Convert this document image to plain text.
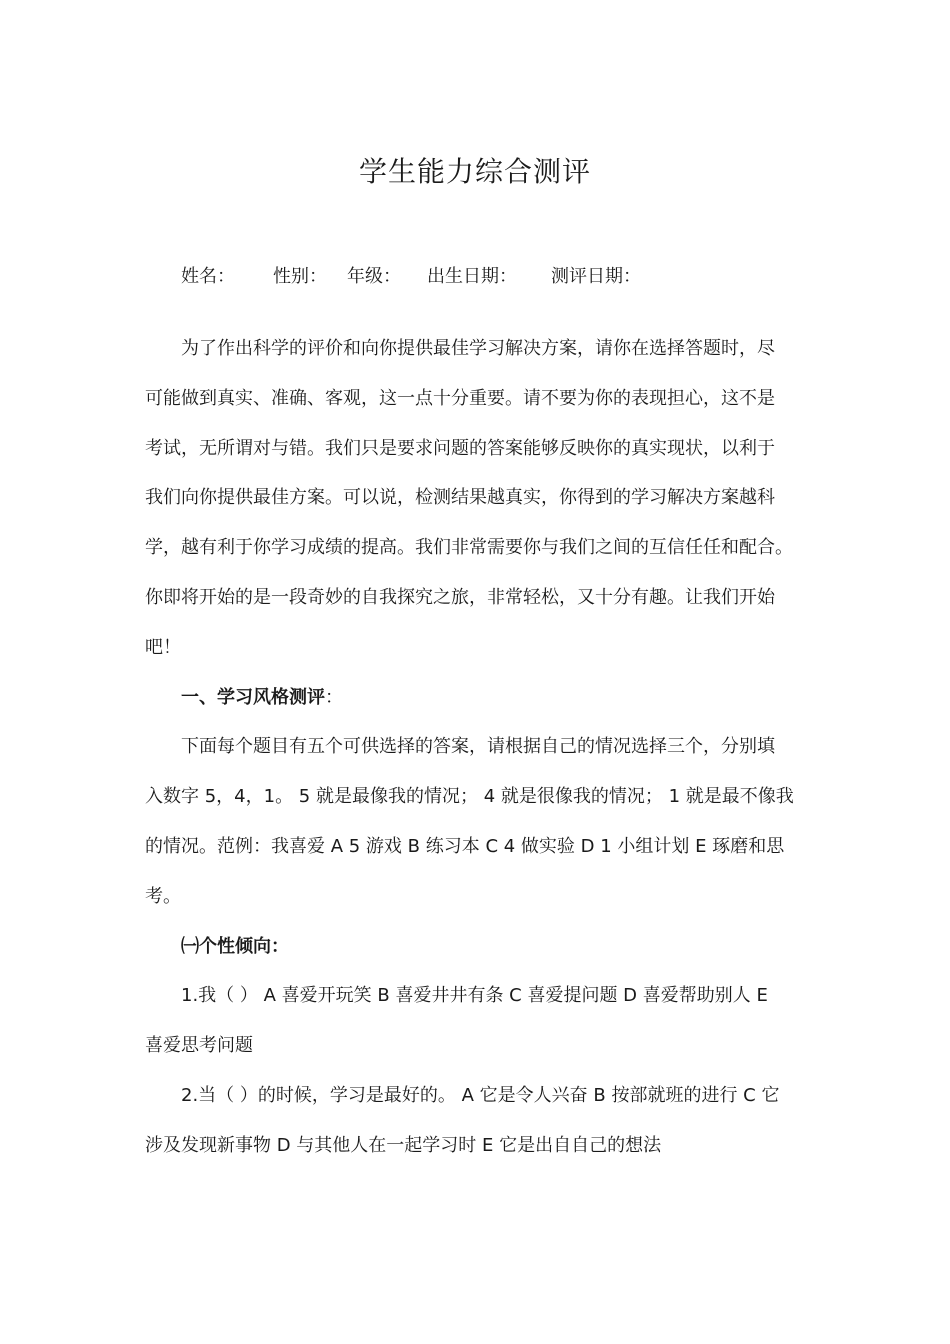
学生能力综合测评
姓名： 性别： 年级： 出生日期： 测评日期：
为了作出科学的评价和向你提供最佳学习解决方案，请你在选择答题时，尽
可能做到真实、准确、客观，这一点十分重要。请不要为你的表现担心，这不是
考试，无所谓对与错。我们只是要求问题的答案能够反映你的真实现状，以利于
我们向你提供最佳方案。可以说，检测结果越真实，你得到的学习解决方案越科
学，越有利于你学习成绩的提高。我们非常需要你与我们之间的互信任任和配合。
你即将开始的是一段奇妙的自我探究之旅，非常轻松，又十分有趣。让我们开始
吧！
一、学习风格测评：
下面每个题目有五个可供选择的答案，请根据自己的情况选择三个，分别填
入数字 5，4，1。 5 就是最像我的情况； 4 就是很像我的情况； 1 就是最不像我
的情况。范例：我喜爱 A 5 游戏 B 练习本 C 4 做实验 D 1 小组计划 E 琢磨和思
考。
㈠个性倾向：
1.我（ ） A 喜爱开玩笑 B 喜爱井井有条 C 喜爱提问题 D 喜爱帮助别人 E
喜爱思考问题
2.当（ ）的时候，学习是最好的。 A 它是令人兴奋 B 按部就班的进行 C 它
涉及发现新事物 D 与其他人在一起学习时 E 它是出自自己的想法
